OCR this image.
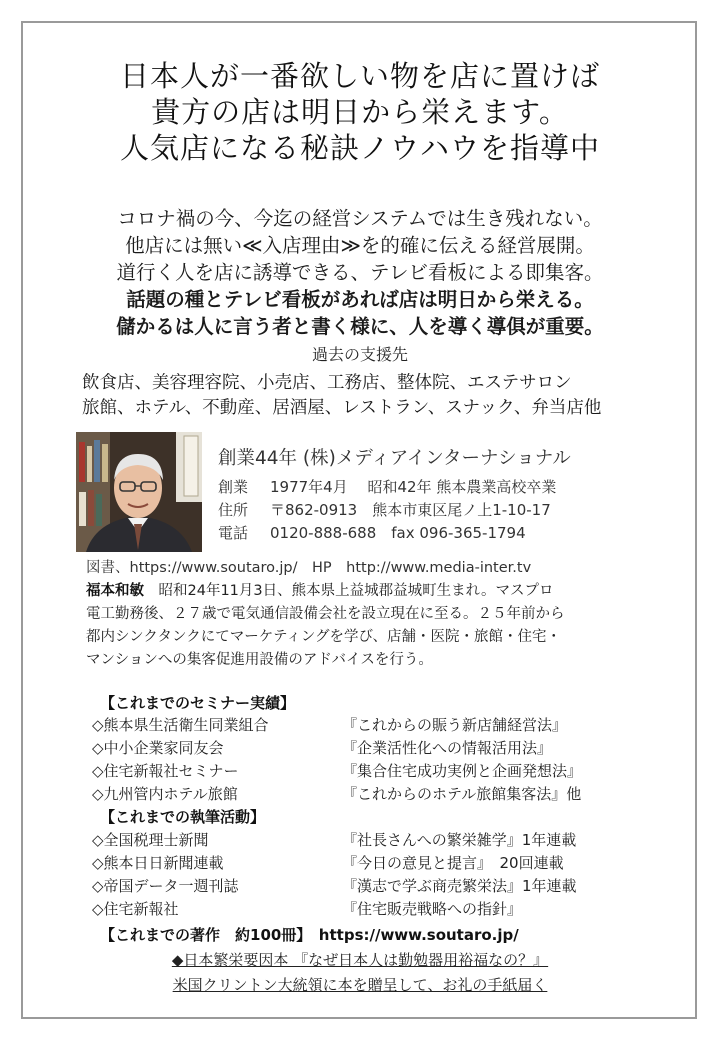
日本人が一番欲しい物を店に置けば
貴方の店は明日から栄えます。
人気店になる秘訣ノウハウを指導中
コロナ禍の今、今迄の経営システムでは生き残れない。
他店には無い≪入店理由≫を的確に伝える経営展開。
道行く人を店に誘導できる、テレビ看板による即集客。
話題の種とテレビ看板があれば店は明日から栄える。
儲かるは人に言う者と書く様に、人を導く導俱が重要。
過去の支援先
飲食店、美容理容院、小売店、工務店、整体院、エステサロン
旅館、ホテル、不動産、居酒屋、レストラン、スナック、弁当店他
創業44年 (株)メディアインターナショナル
創業 1977年4月　 昭和42年 熊本農業高校卒業
住所 〒862-0913　熊本市東区尾ノ上1-10-17
電話 0120-888-688　fax 096-365-1794
図書、https://www.soutaro.jp/　HP　http://www.media-inter.tv
福本和敏　 昭和24年11月3日、熊本県上益城郡益城町生まれ。マスプロ
電工勤務後、２７歳で電気通信設備会社を設立現在に至る。２５年前から
都内シンクタンクにてマーケティングを学び、店舗・医院・旅館・住宅・
マンションへの集客促進用設備のアドバイスを行う。
【これまでのセミナー実績】
◇熊本県生活衛生同業組合	『これからの賑う新店舗経営法』
◇中小企業家同友会	『企業活性化への情報活用法』
◇住宅新報社セミナー	『集合住宅成功実例と企画発想法』
◇九州管内ホテル旅館	『これからのホテル旅館集客法』他
【これまでの執筆活動】
◇全国税理士新聞	『社長さんへの繁栄雑学』1年連載
◇熊本日日新聞連載	『今日の意見と提言』　20回連載
◇帝国データ一週刊誌	『漢志で学ぶ商売繁栄法』1年連載
◇住宅新報社	『住宅販売戦略への指針』
【これまでの著作　約100冊】　https://www.soutaro.jp/
◆日本繁栄要因本 『なぜ日本人は勤勉器用裕福なの？』
米国クリントン大統領に本を贈呈して、お礼の手紙届く
